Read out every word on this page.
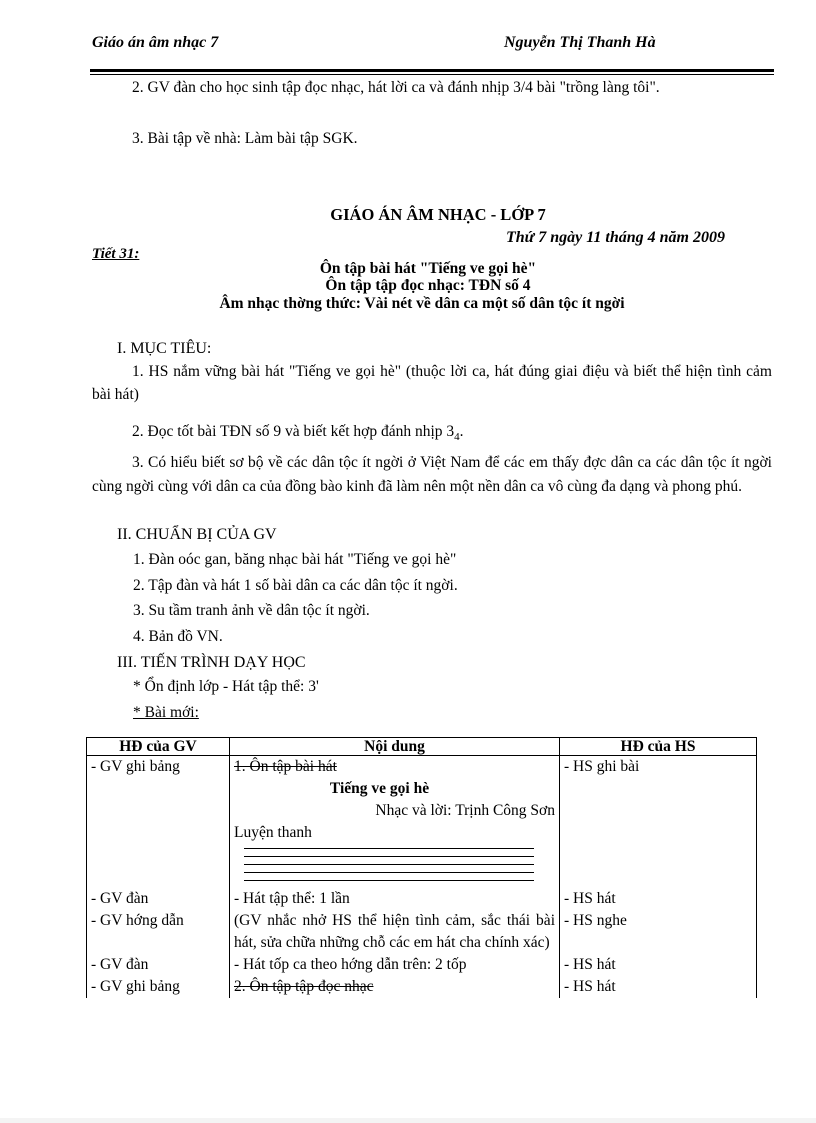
Giáo án âm nhạc 7	Nguyễn Thị Thanh Hà
2. GV đàn cho học sinh tập đọc nhạc, hát lời ca và đánh nhịp 3/4 bài "trồng làng tôi".
3. Bài tập về nhà: Làm bài tập SGK.
GIÁO ÁN ÂM NHẠC - LỚP 7
Thứ 7 ngày 11 tháng 4 năm 2009
Tiết 31:
Ôn tập bài hát "Tiếng ve gọi hè"
Ôn tập tập đọc nhạc: TĐN số 4
Âm nhạc thờng thức: Vài nét về dân ca một số dân tộc ít ngời
I. MỤC TIÊU:
1. HS nắm vững bài hát "Tiếng ve gọi hè" (thuộc lời ca, hát đúng giai điệu và biết thể hiện tình cảm bài hát)
2. Đọc tốt bài TĐN số 9 và biết kết hợp đánh nhịp $3_4$.
3. Có hiểu biết sơ bộ về các dân tộc ít ngời ở Việt Nam để các em thấy đợc dân ca các dân tộc ít ngời cùng ngời cùng với dân ca của đồng bào kinh đã làm nên một nền dân ca vô cùng đa dạng và phong phú.
II. CHUẨN BỊ CỦA GV
1. Đàn oóc gan, băng nhạc bài hát "Tiếng ve gọi hè"
2. Tập đàn và hát 1 số bài dân ca các dân tộc ít ngời.
3. Su tầm tranh ảnh về dân tộc ít ngời.
4. Bản đồ VN.
III. TIẾN TRÌNH DẠY HỌC
* Ổn định lớp - Hát tập thể: 3'
* Bài mới:
HĐ của GV	Nội dung	HĐ của HS
- GV ghi bảng	1. Ôn tập bài hát
Tiếng ve gọi hè
Nhạc và lời: Trịnh Công Sơn
Luyện thanh	- HS ghi bài
- GV đàn	- Hát tập thể: 1 lần	- HS hát
- GV hớng dẫn	(GV nhắc nhở HS thể hiện tình cảm, sắc thái bài hát, sửa chữa những chỗ các em hát cha chính xác)	- HS nghe
- GV đàn	- Hát tốp ca theo hớng dẫn trên: 2 tốp	- HS hát
- GV ghi bảng	2. Ôn tập tập đọc nhạc	- HS hát
